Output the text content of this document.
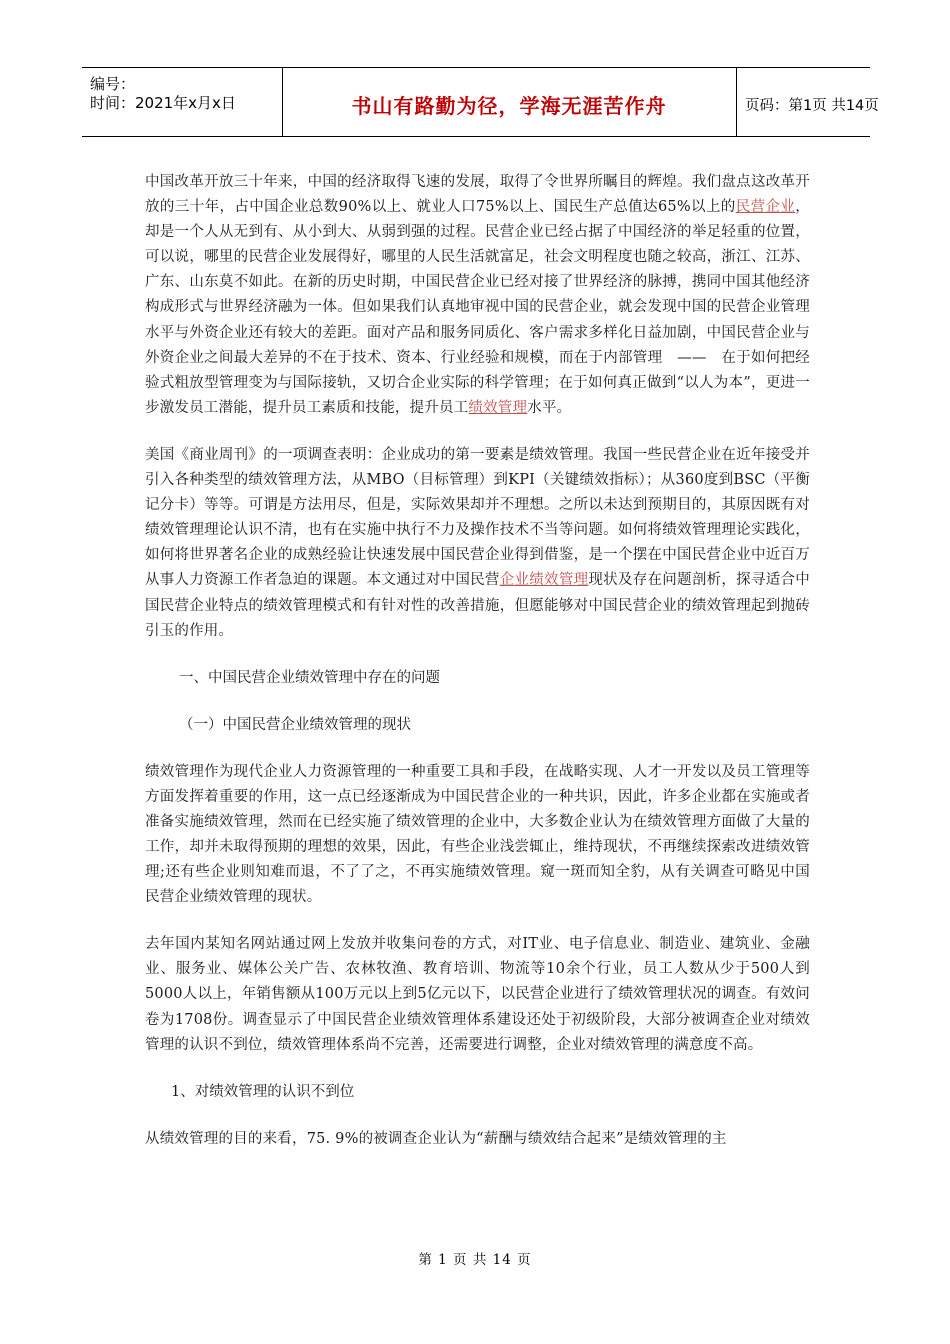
编号：
时间：2021年x月x日	书山有路勤为径，学海无涯苦作舟	页码：第1页 共14页

中国改革开放三十年来，中国的经济取得飞速的发展，取得了令世界所瞩目的辉煌。我们盘点这改革开放的三十年，占中国企业总数90%以上、就业人口75%以上、国民生产总值达65%以上的民营企业，却是一个人从无到有、从小到大、从弱到强的过程。民营企业已经占据了中国经济的举足轻重的位置，可以说，哪里的民营企业发展得好，哪里的人民生活就富足，社会文明程度也随之较高，浙江、江苏、广东、山东莫不如此。在新的历史时期，中国民营企业已经对接了世界经济的脉搏，携同中国其他经济构成形式与世界经济融为一体。但如果我们认真地审视中国的民营企业，就会发现中国的民营企业管理水平与外资企业还有较大的差距。面对产品和服务同质化、客户需求多样化日益加剧，中国民营企业与外资企业之间最大差异的不在于技术、资本、行业经验和规模，而在于内部管理　——　在于如何把经验式粗放型管理变为与国际接轨，又切合企业实际的科学管理；在于如何真正做到“以人为本”，更进一步激发员工潜能，提升员工素质和技能，提升员工绩效管理水平。

美国《商业周刊》的一项调查表明：企业成功的第一要素是绩效管理。我国一些民营企业在近年接受并引入各种类型的绩效管理方法，从MBO（目标管理）到KPI（关键绩效指标）；从360度到BSC（平衡记分卡）等等。可谓是方法用尽，但是，实际效果却并不理想。之所以未达到预期目的，其原因既有对绩效管理理论认识不清，也有在实施中执行不力及操作技术不当等问题。如何将绩效管理理论实践化，如何将世界著名企业的成熟经验让快速发展中国民营企业得到借鉴，是一个摆在中国民营企业中近百万从事人力资源工作者急迫的课题。本文通过对中国民营企业绩效管理现状及存在问题剖析，探寻适合中国民营企业特点的绩效管理模式和有针对性的改善措施，但愿能够对中国民营企业的绩效管理起到抛砖引玉的作用。

一、中国民营企业绩效管理中存在的问题

（一）中国民营企业绩效管理的现状

绩效管理作为现代企业人力资源管理的一种重要工具和手段，在战略实现、人才一开发以及员工管理等方面发挥着重要的作用，这一点已经逐渐成为中国民营企业的一种共识，因此，许多企业都在实施或者准备实施绩效管理，然而在已经实施了绩效管理的企业中，大多数企业认为在绩效管理方面做了大量的工作，却并未取得预期的理想的效果，因此，有些企业浅尝辄止，维持现状，不再继续探索改进绩效管理;还有些企业则知难而退，不了了之，不再实施绩效管理。窥一斑而知全豹，从有关调查可略见中国民营企业绩效管理的现状。

去年国内某知名网站通过网上发放并收集问卷的方式，对IT业、电子信息业、制造业、建筑业、金融业、服务业、媒体公关广告、农林牧渔、教育培训、物流等10余个行业，员工人数从少于500人到5000人以上，年销售额从100万元以上到5亿元以下，以民营企业进行了绩效管理状况的调查。有效问卷为1708份。调查显示了中国民营企业绩效管理体系建设还处于初级阶段，大部分被调查企业对绩效管理的认识不到位，绩效管理体系尚不完善，还需要进行调整，企业对绩效管理的满意度不高。

1、对绩效管理的认识不到位

从绩效管理的目的来看，75. 9%的被调查企业认为“薪酬与绩效结合起来”是绩效管理的主

第 1 页 共 14 页
